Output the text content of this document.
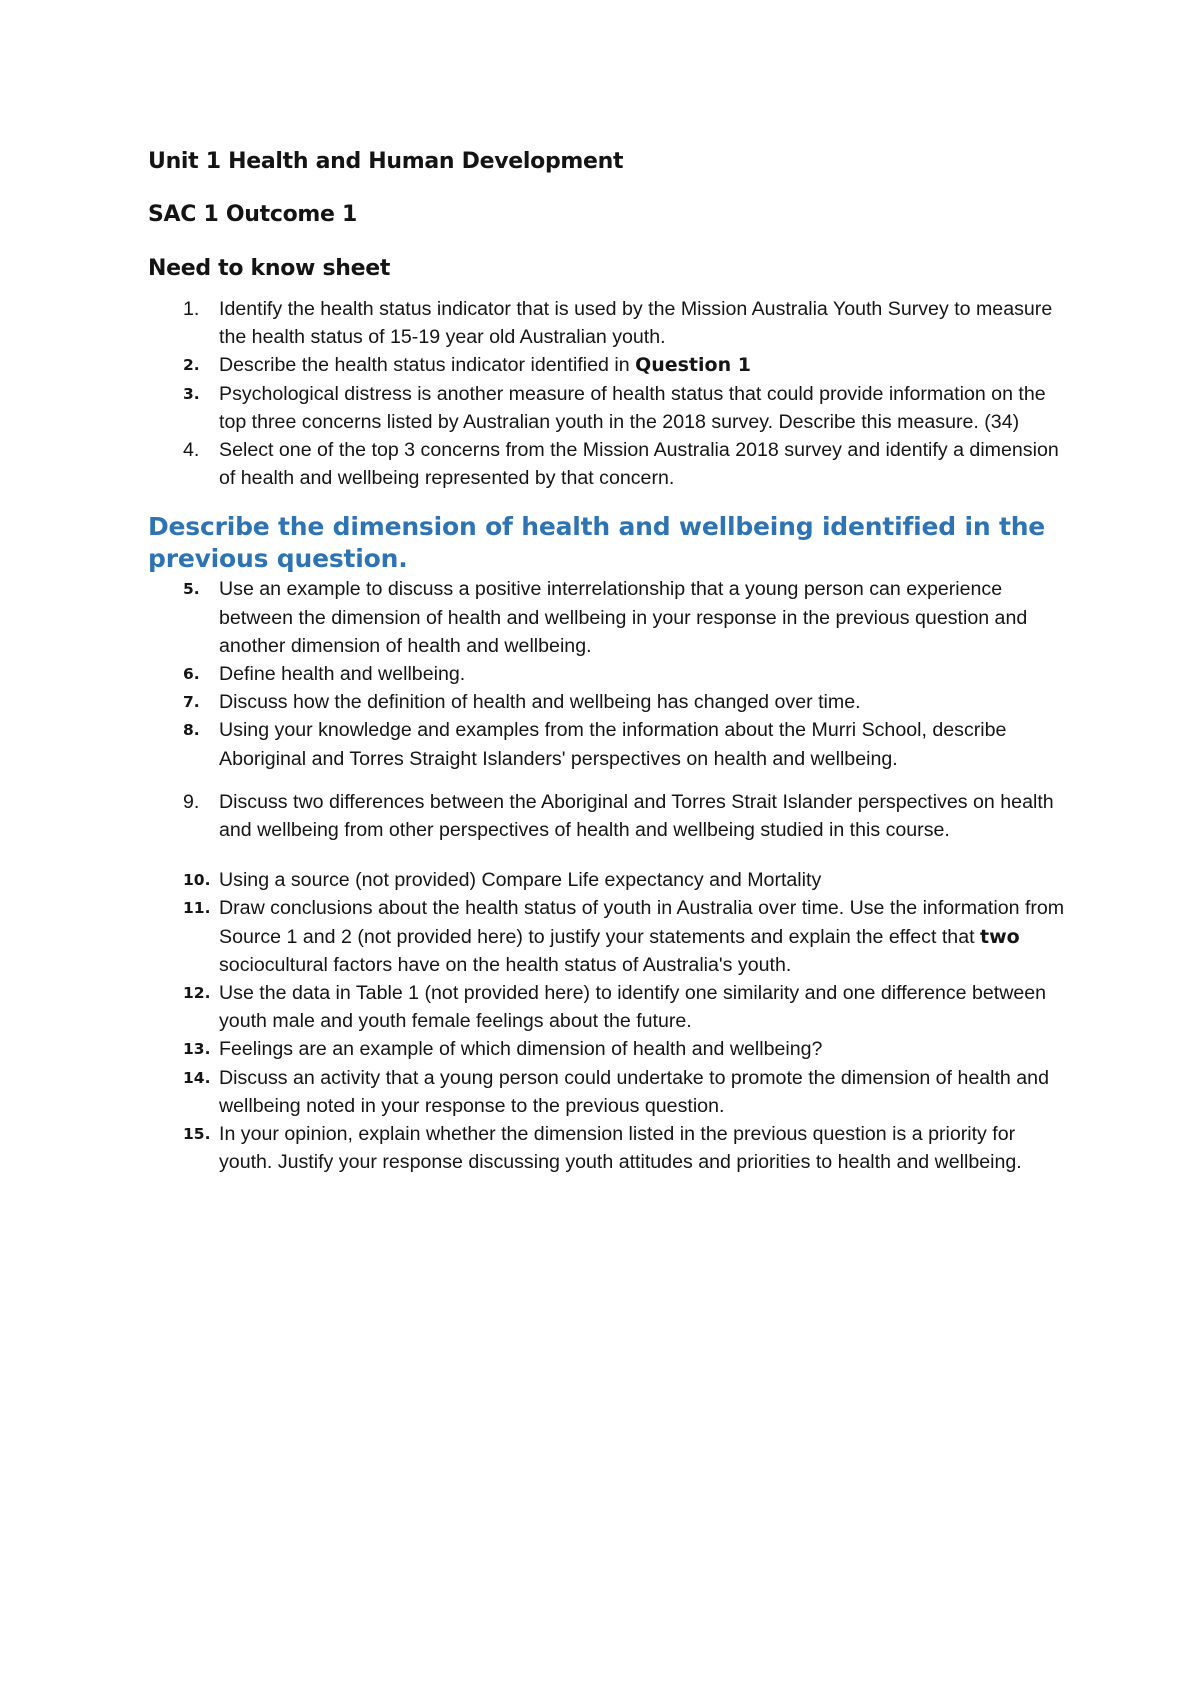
Unit 1 Health and Human Development
SAC 1 Outcome 1
Need to know sheet
1.	Identify the health status indicator that is used by the Mission Australia Youth Survey to measure the health status of 15-19 year old Australian youth.
2. Describe the health status indicator identified in Question 1
3. Psychological distress is another measure of health status that could provide information on the top three concerns listed by Australian youth in the 2018 survey. Describe this measure. (34)
4.	Select one of the top 3 concerns from the Mission Australia 2018 survey and identify a dimension of health and wellbeing represented by that concern.
Describe the dimension of health and wellbeing identified in the previous question.
5. Use an example to discuss a positive interrelationship that a young person can experience between the dimension of health and wellbeing in your response in the previous question and another dimension of health and wellbeing.
6. Define health and wellbeing.
7. Discuss how the definition of health and wellbeing has changed over time.
8. Using your knowledge and examples from the information about the Murri School, describe Aboriginal and Torres Straight Islanders' perspectives on health and wellbeing.
9.	Discuss two differences between the Aboriginal and Torres Strait Islander perspectives on health and wellbeing from other perspectives of health and wellbeing studied in this course.
10. Using a source (not provided) Compare Life expectancy and Mortality
11. Draw conclusions about the health status of youth in Australia over time. Use the information from Source 1 and 2 (not provided here) to justify your statements and explain the effect that two sociocultural factors have on the health status of Australia's youth.
12. Use the data in Table 1 (not provided here) to identify one similarity and one difference between youth male and youth female feelings about the future.
13. Feelings are an example of which dimension of health and wellbeing?
14. Discuss an activity that a young person could undertake to promote the dimension of health and wellbeing noted in your response to the previous question.
15. In your opinion, explain whether the dimension listed in the previous question is a priority for youth. Justify your response discussing youth attitudes and priorities to health and wellbeing.
